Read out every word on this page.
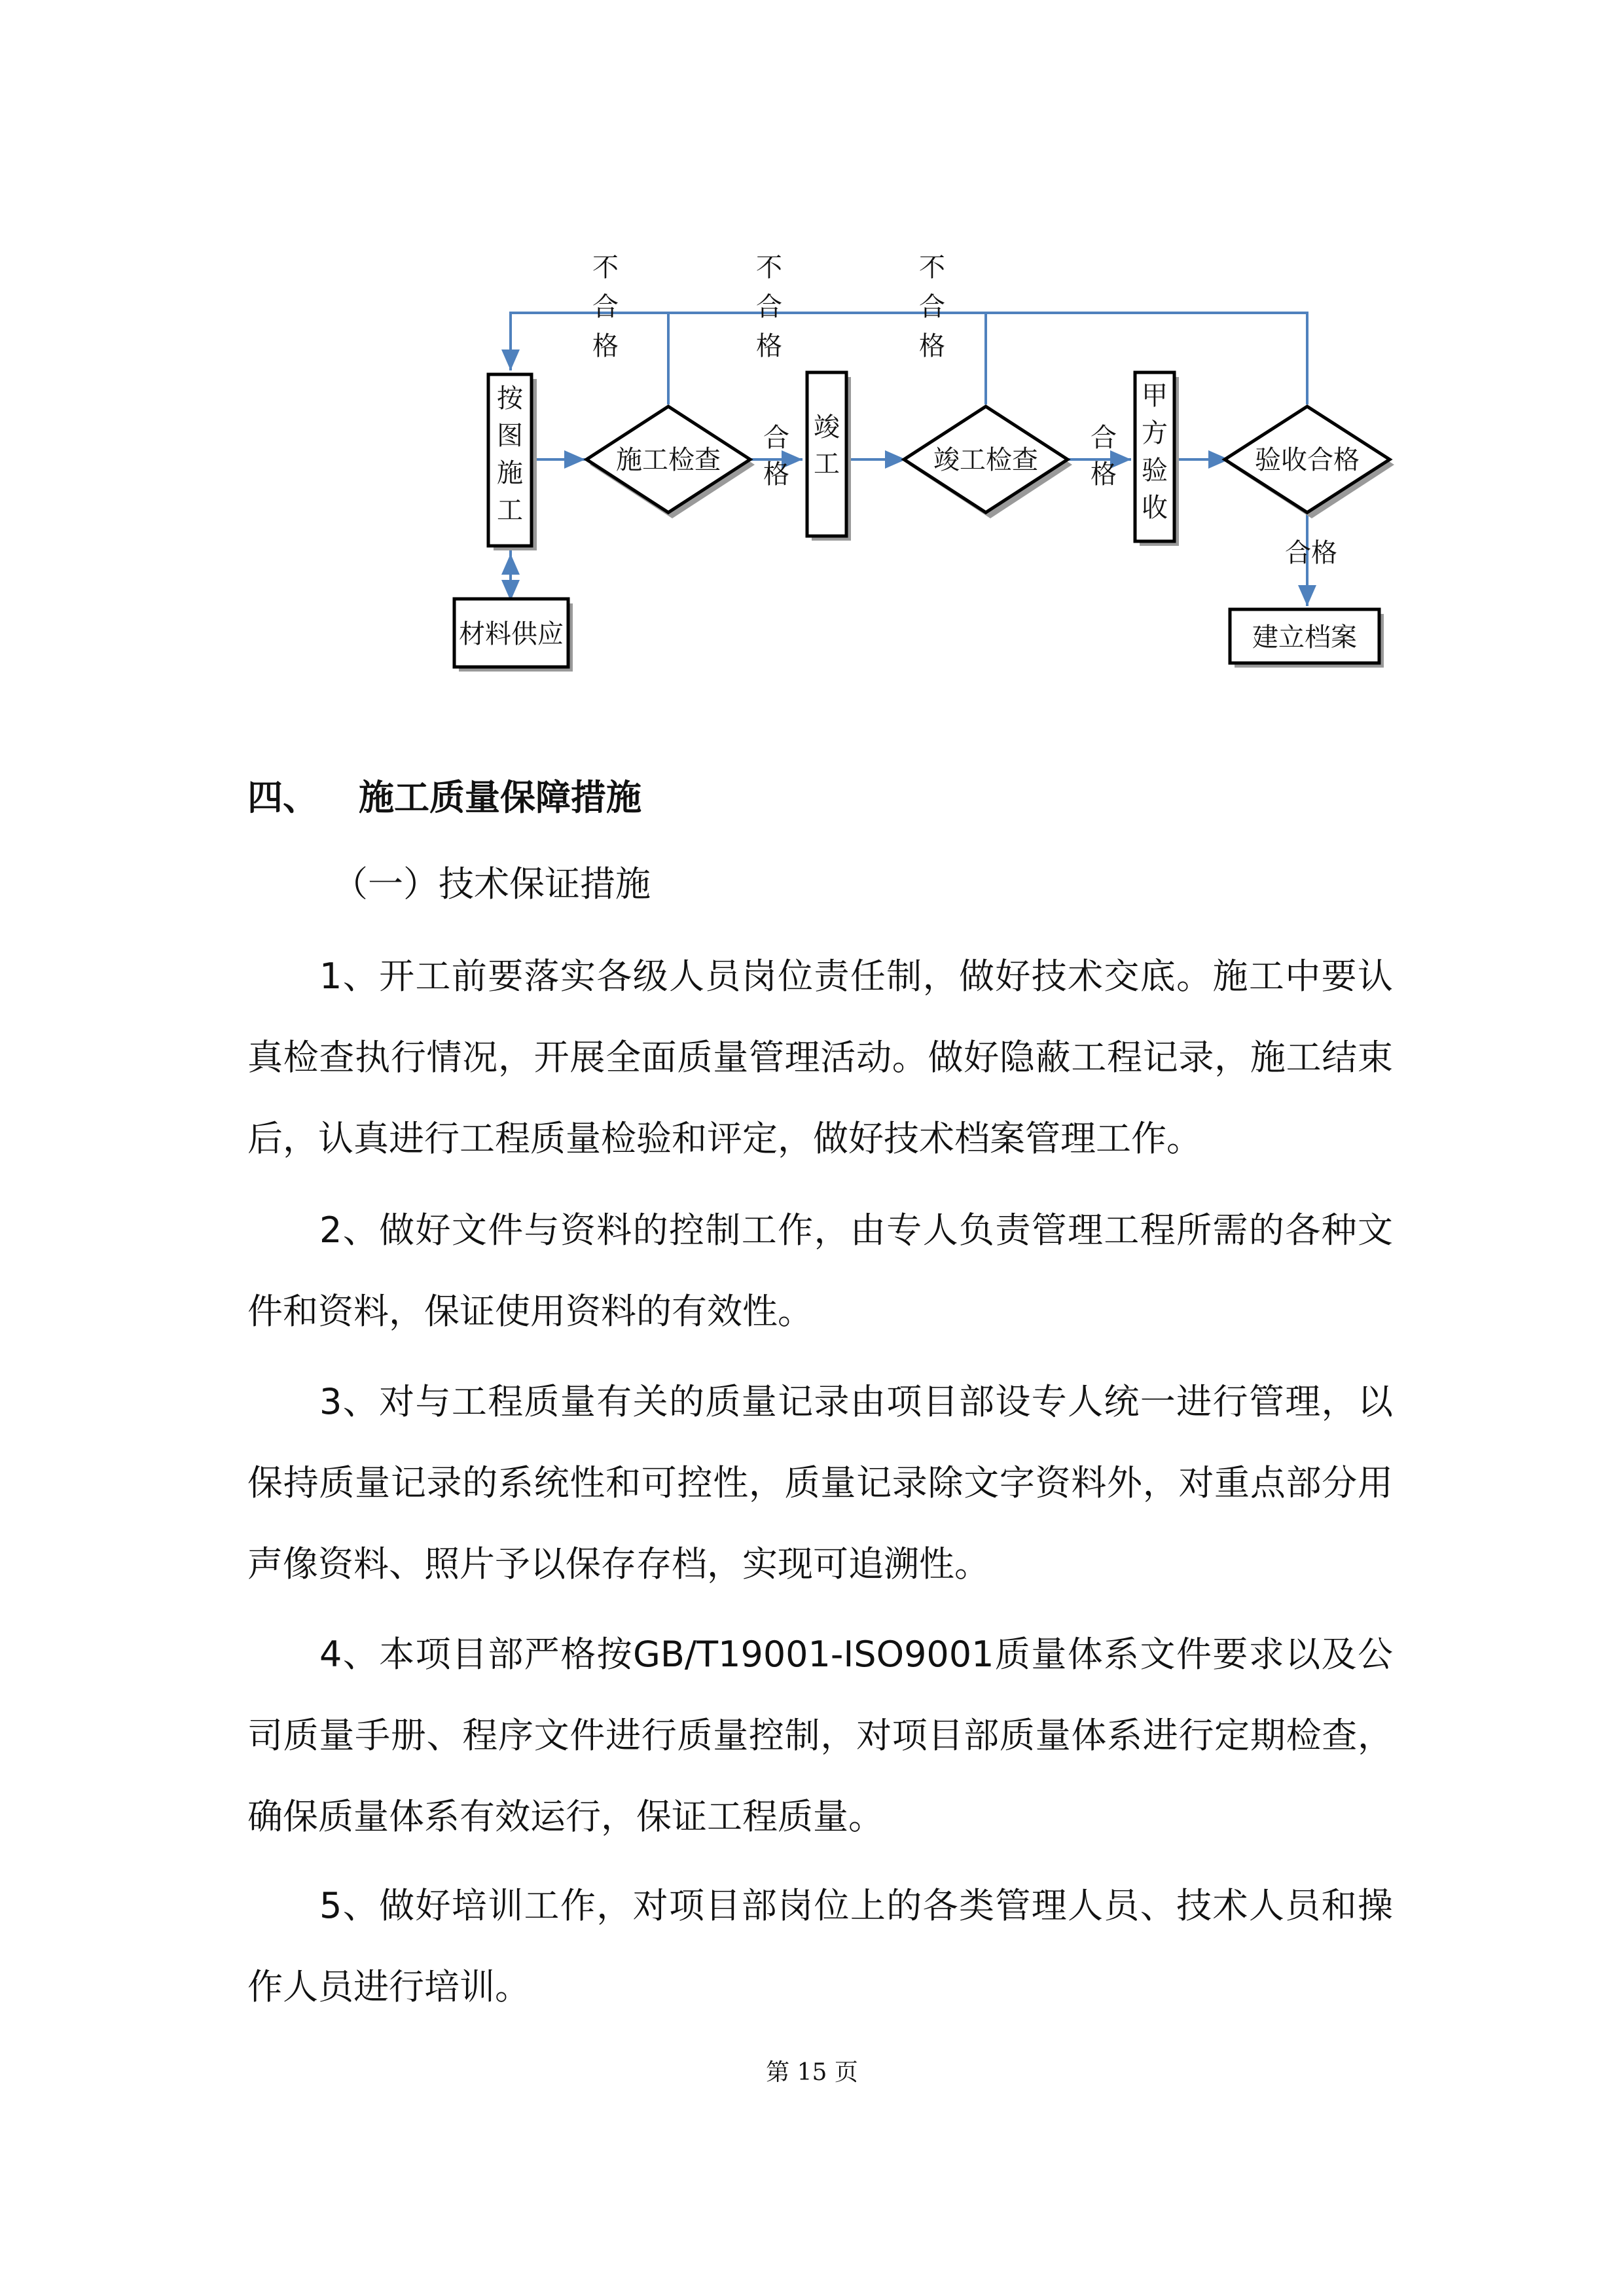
按
图
施
工
施工检查
竣
工	竣工检查
甲
方
验
收
验收合格
材料供应	建立档案
不
合
格
不
合
格
不
合
格
合
格
合
格
合格
四、 施工质量保障措施
（一）技术保证措施

1、开工前要落实各级人员岗位责任制，做好技术交底。施工中要认真检查执行情况，开展全面质量管理活动。做好隐蔽工程记录，施工结束后，认真进行工程质量检验和评定，做好技术档案管理工作。

2、做好文件与资料的控制工作，由专人负责管理工程所需的各种文件和资料，保证使用资料的有效性。

3、对与工程质量有关的质量记录由项目部设专人统一进行管理，以保持质量记录的系统性和可控性，质量记录除文字资料外，对重点部分用声像资料、照片予以保存存档，实现可追溯性。

4、本项目部严格按GB/T19001-ISO9001质量体系文件要求以及公司质量手册、程序文件进行质量控制，对项目部质量体系进行定期检查，确保质量体系有效运行，保证工程质量。

5、做好培训工作，对项目部岗位上的各类管理人员、技术人员和操作人员进行培训。

第 15 页
